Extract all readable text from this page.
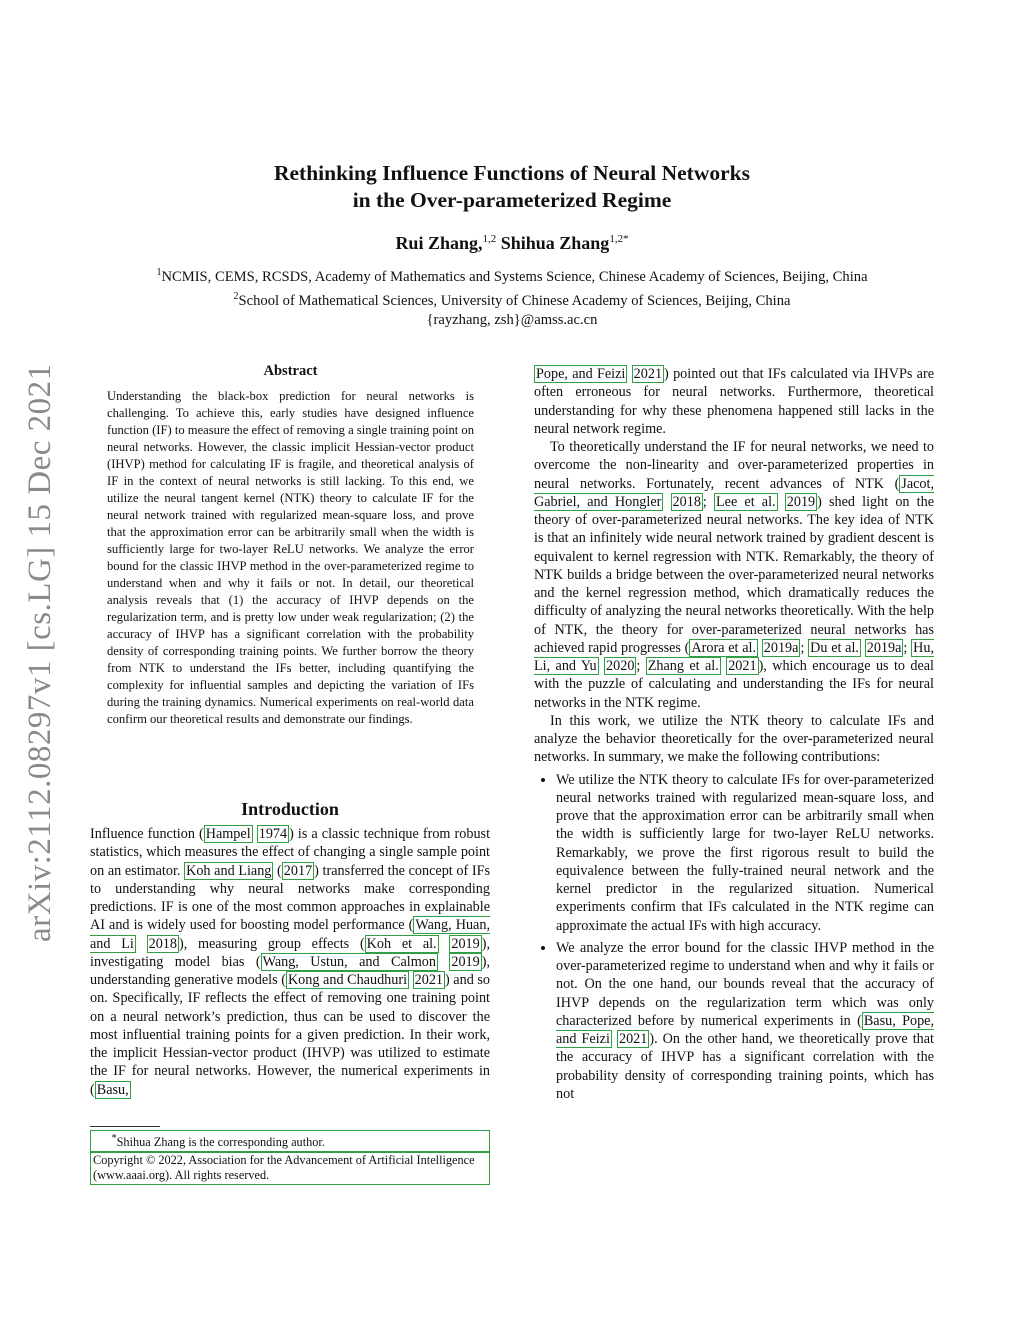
arXiv:2112.08297v1 [cs.LG] 15 Dec 2021
Rethinking Influence Functions of Neural Networks
in the Over-parameterized Regime
Rui Zhang,$^{1,2}$ Shihua Zhang$^{1,2*}$
$^1$NCMIS, CEMS, RCSDS, Academy of Mathematics and Systems Science, Chinese Academy of Sciences, Beijing, China
$^2$School of Mathematical Sciences, University of Chinese Academy of Sciences, Beijing, China
{rayzhang, zsh}@amss.ac.cn
Abstract

Understanding the black-box prediction for neural networks is challenging. To achieve this, early studies have designed influence function (IF) to measure the effect of removing a single training point on neural networks. However, the classic implicit Hessian-vector product (IHVP) method for calculating IF is fragile, and theoretical analysis of IF in the context of neural networks is still lacking. To this end, we utilize the neural tangent kernel (NTK) theory to calculate IF for the neural network trained with regularized mean-square loss, and prove that the approximation error can be arbitrarily small when the width is sufficiently large for two-layer ReLU networks. We analyze the error bound for the classic IHVP method in the over-parameterized regime to understand when and why it fails or not. In detail, our theoretical analysis reveals that (1) the accuracy of IHVP depends on the regularization term, and is pretty low under weak regularization; (2) the accuracy of IHVP has a significant correlation with the probability density of corresponding training points. We further borrow the theory from NTK to understand the IFs better, including quantifying the complexity for influential samples and depicting the variation of IFs during the training dynamics. Numerical experiments on real-world data confirm our theoretical results and demonstrate our findings.

Introduction

Influence function ( Hampel 1974 ) is a classic technique from robust statistics, which measures the effect of changing a single sample point on an estimator. Koh and Liang ( 2017 ) transferred the concept of IFs to understanding why neural networks make corresponding predictions. IF is one of the most common approaches in explainable AI and is widely used for boosting model performance ( Wang, Huan, and Li 2018 ), measuring group effects ( Koh et al. 2019 ), investigating model bias ( Wang, Ustun, and Calmon 2019 ), understanding generative models ( Kong and Chaudhuri 2021 ) and so on. Specifically, IF reflects the effect of removing one training point on a neural network’s prediction, thus can be used to discover the most influential training points for a given prediction. In their work, the implicit Hessian-vector product (IHVP) was utilized to estimate the IF for neural networks. However, the numerical experiments in ( Basu,

*Shihua Zhang is the corresponding author.
Copyright © 2022, Association for the Advancement of Artificial Intelligence (www.aaai.org). All rights reserved.

Pope, and Feizi 2021 ) pointed out that IFs calculated via IHVPs are often erroneous for neural networks. Furthermore, theoretical understanding for why these phenomena happened still lacks in the neural network regime.

To theoretically understand the IF for neural networks, we need to overcome the non-linearity and over-parameterized properties in neural networks. Fortunately, recent advances of NTK ( Jacot, Gabriel, and Hongler 2018 ; Lee et al. 2019 ) shed light on the theory of over-parameterized neural networks. The key idea of NTK is that an infinitely wide neural network trained by gradient descent is equivalent to kernel regression with NTK. Remarkably, the theory of NTK builds a bridge between the over-parameterized neural networks and the kernel regression method, which dramatically reduces the difficulty of analyzing the neural networks theoretically. With the help of NTK, the theory for over-parameterized neural networks has achieved rapid progresses ( Arora et al. 2019a ; Du et al. 2019a ; Hu, Li, and Yu 2020 ; Zhang et al. 2021 ), which encourage us to deal with the puzzle of calculating and understanding the IFs for neural networks in the NTK regime.

In this work, we utilize the NTK theory to calculate IFs and analyze the behavior theoretically for the over-parameterized neural networks. In summary, we make the following contributions:

• We utilize the NTK theory to calculate IFs for over-parameterized neural networks trained with regularized mean-square loss, and prove that the approximation error can be arbitrarily small when the width is sufficiently large for two-layer ReLU networks. Remarkably, we prove the first rigorous result to build the equivalence between the fully-trained neural network and the kernel predictor in the regularized situation. Numerical experiments confirm that IFs calculated in the NTK regime can approximate the actual IFs with high accuracy.
• We analyze the error bound for the classic IHVP method in the over-parameterized regime to understand when and why it fails or not. On the one hand, our bounds reveal that the accuracy of IHVP depends on the regularization term which was only characterized before by numerical experiments in ( Basu, Pope, and Feizi 2021 ). On the other hand, we theoretically prove that the accuracy of IHVP has a significant correlation with the probability density of corresponding training points, which has not
